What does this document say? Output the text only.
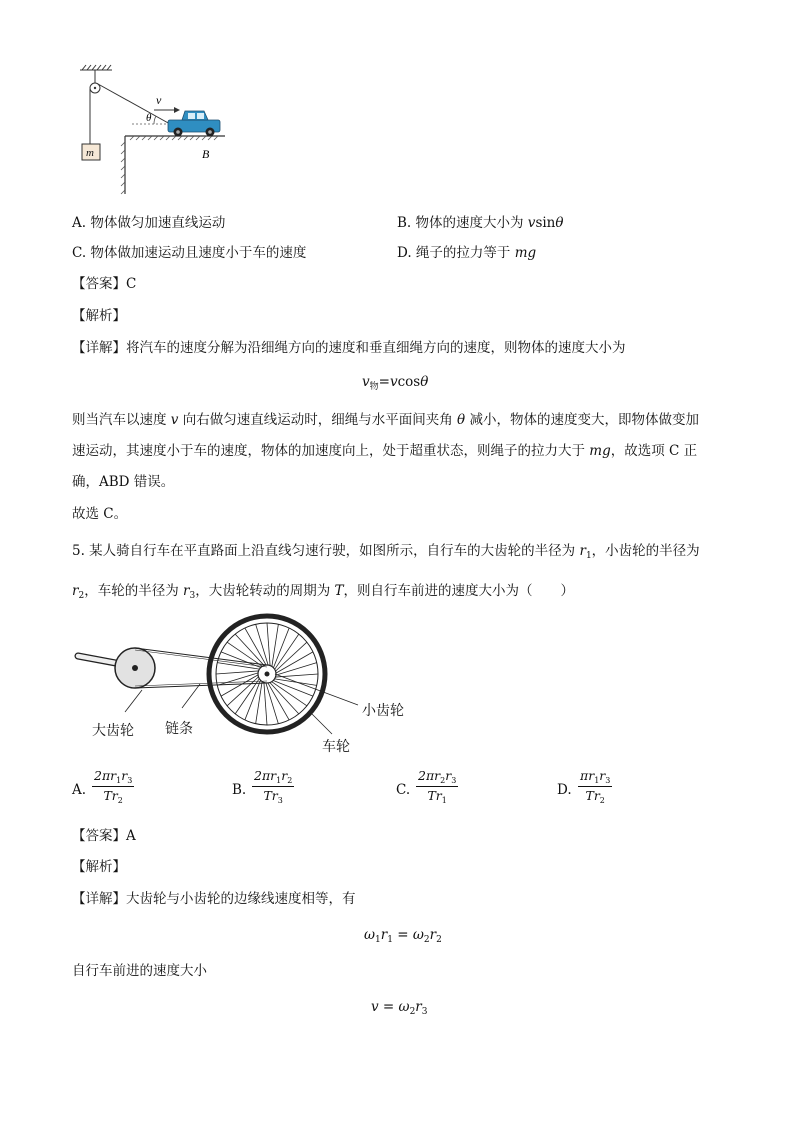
m
θ
v
B
A. 物体做匀加速直线运动	B. 物体的速度大小为 vsinθ
C. 物体做加速运动且速度小于车的速度	D. 绳子的拉力等于 mg
【答案】C
【解析】
【详解】将汽车的速度分解为沿细绳方向的速度和垂直细绳方向的速度，则物体的速度大小为
$v_物=vcos\theta$
则当汽车以速度 v 向右做匀速直线运动时，细绳与水平面间夹角 θ 减小，物体的速度变大，即物体做变加
速运动，其速度小于车的速度，物体的加速度向上，处于超重状态，则绳子的拉力大于 mg，故选项 C 正
确，ABD 错误。
故选 C。
5. 某人骑自行车在平直路面上沿直线匀速行驶，如图所示，自行车的大齿轮的半径为 $r_1$，小齿轮的半径为
$r_2$，车轮的半径为 $r_3$，大齿轮转动的周期为 T，则自行车前进的速度大小为（ ）
大齿轮 链条
小齿轮
车轮
A. $\frac{2\pi r_1r_3}{Tr_2}$	B. $\frac{2\pi r_1r_2}{Tr_3}$	C. $\frac{2\pi r_2r_3}{Tr_1}$	D. $\frac{\pi r_1r_3}{Tr_2}$
【答案】A
【解析】
【详解】大齿轮与小齿轮的边缘线速度相等，有
$\omega_1r_1 = \omega_2r_2$
自行车前进的速度大小
$v = \omega_2r_3$
